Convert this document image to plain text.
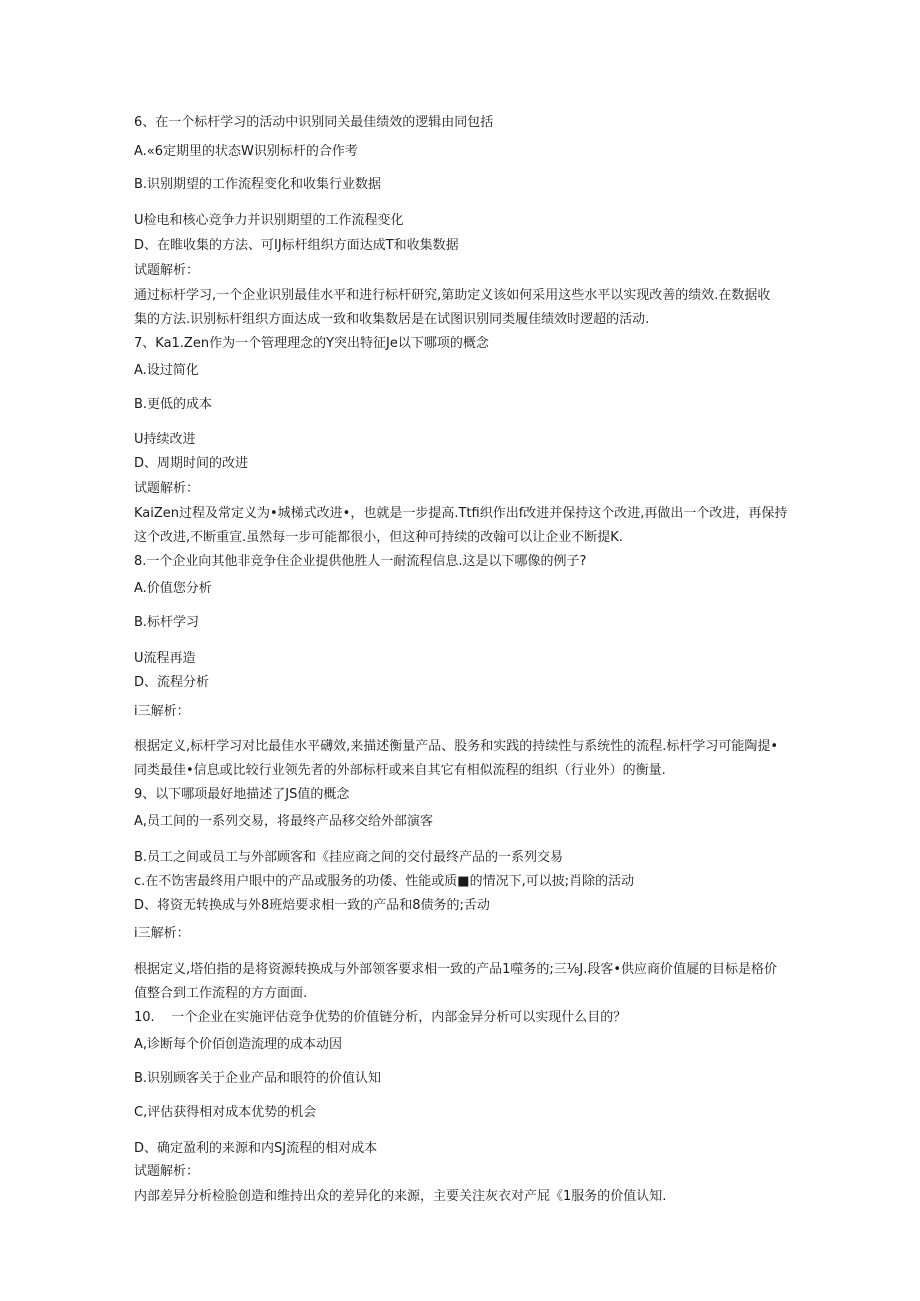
6、在一个标杆学习的活动中识别同关最佳绩效的逻辑由同包括
A.«6定期里的状态W识别标杆的合作考
B.识别期望的工作流程变化和收集行业数据
U检电和核心竞争力并识别期望的工作流程变化
D、在睢收集的方法、可IJ标杆组织方面达成T和收集数据
试题解析：
通过标杆学习,一个企业识别最佳水平和进行标杆研究,第助定义该如何采用这些水平以实现改善的绩效.在数据收
集的方法.识别标杆组织方面达成一致和收集数居是在试图识别同类履佳绩效时逻超的活动.
7、Ka1.Zen作为一个管理理念的Y突出特征Je以下哪项的概念
A.设过简化
B.更低的成本
U持续改进
D、周期时间的改进
试题解析：
KaiZen过程及常定义为•城梯式改进•，也就是一步提高.Ttfi织作出f改进并保持这个改进,再做出一个改进，再保持
这个改进,不断重宣.虽然每一步可能都很小，但这种可持续的改翰可以让企业不断提K.
8.一个企业向其他非竞争住企业提供他胜人一耐流程信息.这是以下哪像的例子?
A.价值您分析
B.标杆学习
U流程再造
D、流程分析
i三解析：
根据定义,标杆学习对比最佳水平礴效,来描述衡量产品、股务和实践的持续性与系统性的流程.标杆学习可能陶提•
同类最佳•信息或比较行业领先者的外部标杆或来自其它有相似流程的组织（行业外）的衡量.
9、以下哪项最好地描述了JS值的概念
A,员工间的一系列交易，将最终产品移交给外部演客
B.员工之间或员工与外部顾客和《挂应商之间的交付最终产品的一系列交易
c.在不饬害最终用户眼中的产品或服务的功倭、性能或质■的情况下,可以披;肖除的活动
D、将资无转换成与外8班焙要求相一致的产品和8债务的;舌动
i三解析：
根据定义,塔伯指的是将资源转换成与外部领客要求相一致的产品1噬务的;三⅛J.段客•供应商价值屣的目标是格价
值整合到工作流程的方方面面.
10.    一个企业在实施评估竞争优势的价值链分析，内部金异分析可以实现什么目的？
A,诊断每个价佰创造流理的成本动因
B.识别顾客关于企业产品和眼符的价值认知
C,评估获得相对成本优势的机会
D、确定盈利的来源和内SJ流程的相对成本
试题解析：
内部差异分析检脸创造和维持出众的差异化的来源，主要关注灰衣对产屁《1服务的价值认知.
